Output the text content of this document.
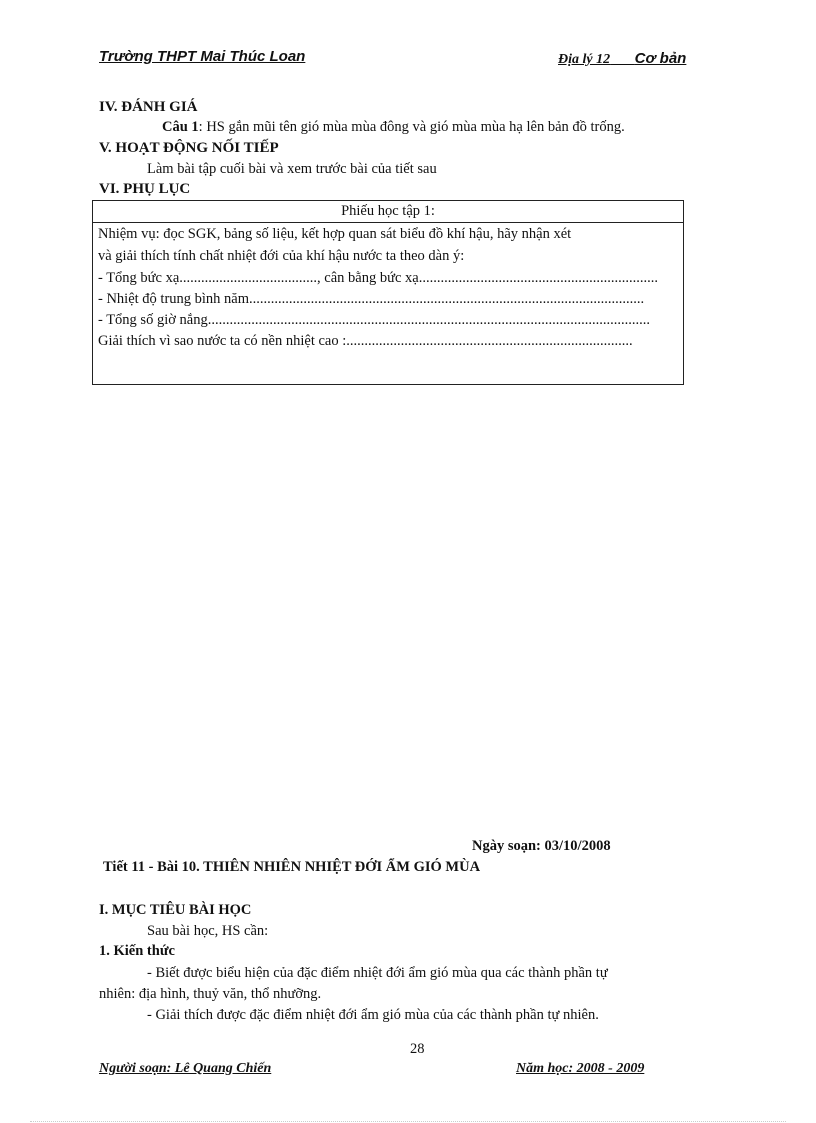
Trường THPT Mai Thúc Loan	Địa lý 12 ___Cơ bản
IV. ĐÁNH GIÁ
Câu 1: HS gắn mũi tên gió mùa mùa đông và gió mùa mùa hạ lên bản đồ trống.
V. HOẠT ĐỘNG NỐI TIẾP
Làm bài tập cuối bài và xem trước bài của tiết sau
VI. PHỤ LỤC
Phiếu học tập 1:
Nhiệm vụ: đọc SGK, bảng số liệu, kết hợp quan sát biểu đồ khí hậu, hãy nhận xét
và giải thích tính chất nhiệt đới của khí hậu nước ta theo dàn ý:
- Tổng bức xạ......................................, cân bằng bức xạ..................................................................
- Nhiệt độ trung bình năm.............................................................................................................
- Tổng số giờ nắng..........................................................................................................................
Giải thích vì sao nước ta có nền nhiệt cao :...............................................................................
Ngày soạn: 03/10/2008
Tiết 11 - Bài 10. THIÊN NHIÊN NHIỆT ĐỚI ẨM GIÓ MÙA
I. MỤC TIÊU BÀI HỌC
Sau bài học, HS cần:
1. Kiến thức
- Biết được biểu hiện của đặc điểm nhiệt đới ẩm gió mùa qua các thành phần tự
nhiên: địa hình, thuỷ văn, thổ nhưỡng.
- Giải thích được đặc điểm nhiệt đới ẩm gió mùa của các thành phần tự nhiên.
28
Người soạn: Lê Quang Chiến	Năm học: 2008 - 2009
